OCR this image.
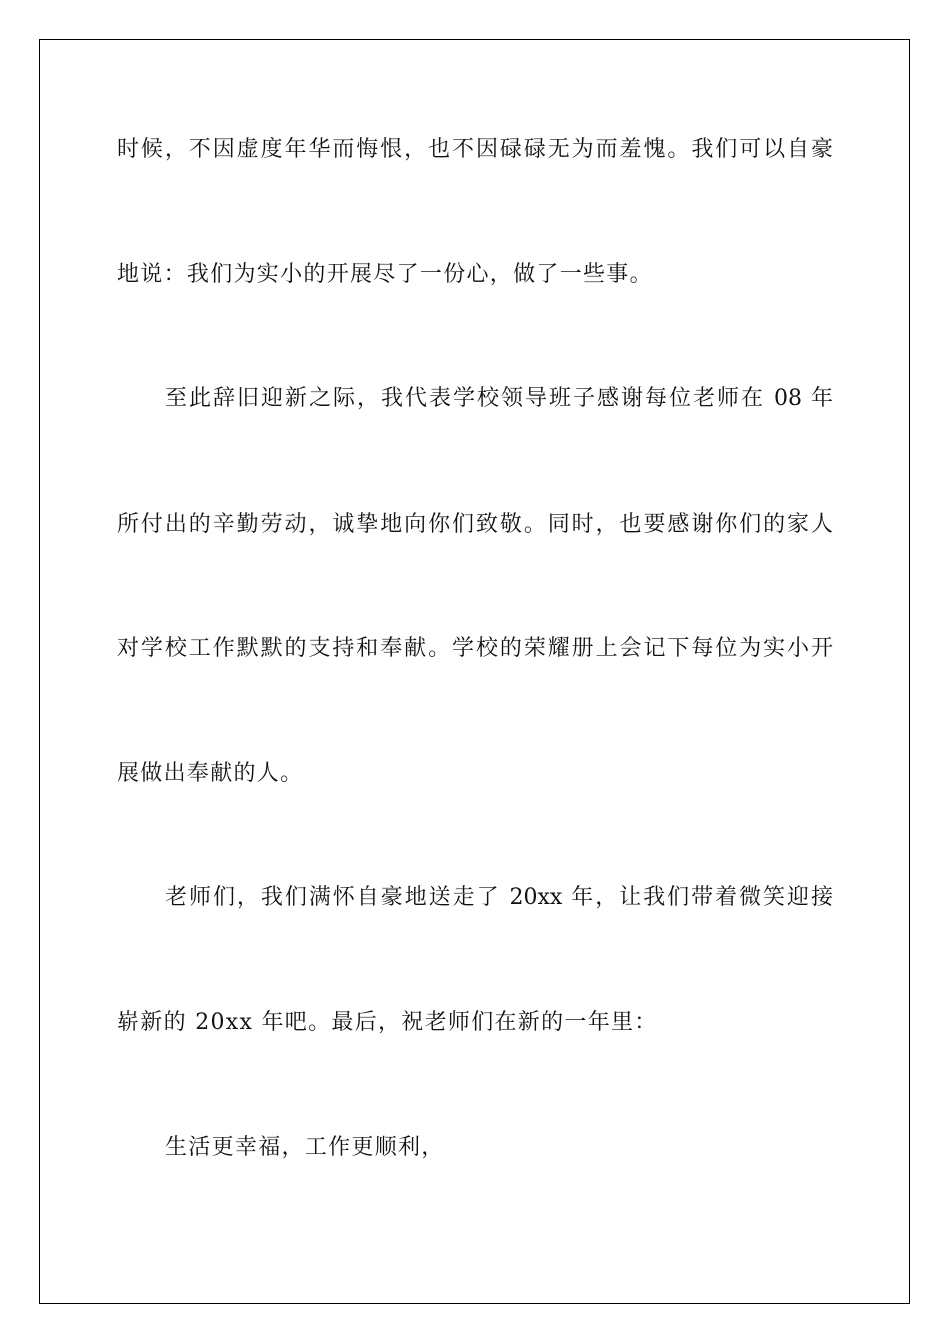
时候，不因虚度年华而悔恨，也不因碌碌无为而羞愧。我们可以自豪

地说：我们为实小的开展尽了一份心，做了一些事。

至此辞旧迎新之际，我代表学校领导班子感谢每位老师在 08 年

所付出的辛勤劳动，诚挚地向你们致敬。同时，也要感谢你们的家人

对学校工作默默的支持和奉献。学校的荣耀册上会记下每位为实小开

展做出奉献的人。

老师们，我们满怀自豪地送走了 20xx 年，让我们带着微笑迎接

崭新的 20xx 年吧。最后，祝老师们在新的一年里：

生活更幸福，工作更顺利，
